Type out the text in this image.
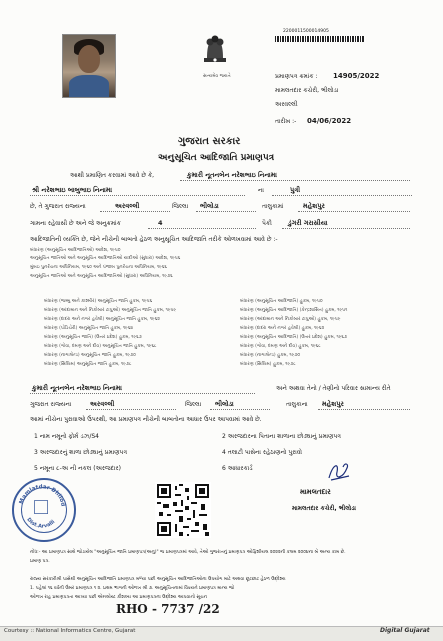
સત્યમેવ જયતે
2200011500014905
પ્રમાણપત્ર ક્રમાંક : 14905/2022
મામલતદાર કચેરી, ભીલોડા
અરવલ્લી
તારીખ :- 04/06/2022
ગુજરાત સરકાર
અનુસૂચિત આદિજાતિ પ્રમાણપત્ર
આથી પ્રમાણિત કરવામાં આવે છે કે,	કુમારી નૂતનબેન નરેશભાઇ નિનામા
શ્રી નરેશભાઇ બાબુભાઇ નિનામા	ના	પુત્રી
છે, તે ગુજરાત રાજ્યના	અરવલ્લી	જિલ્લા ભીલોડા	તાલુકામાં	મહેશપુર
ગામના રહેવાસી છે અને જે અનુક્રમાંક	4	પૈકી ડુંગરી ગરાસીયા
આદિજાતિની વ્યક્તિ છે, જેને નીચેની બાબતો હેઠળ અનુસૂચિત આદિજાતિ તરીકે ઓળખવામાં આવે છે :-
બંધારણ (અનુસૂચિત આદિજાતિઓ) આદેશ, ૧૯૫૦
અનુસૂચિત જાતિઓ અને અનુસૂચિત આદિજાતિઓ યાદીઓ (સુધારા) આદેશ, ૧૯૫૬
મુંબઇ પુનર્રચના અધિનિયમ, ૧૯૬૦ અને પંજાબ પુનર્રચના અધિનિયમ, ૧૯૬૬
અનુસૂચિત જાતિઓ અને અનુસૂચિત આદિજાતિઓ (સુધારા) અધિનિયમ, ૧૯૭૬
બંધારણ (જમ્મુ અને કાશ્મીર) અનુસૂચિત જાતિ હુકમ, ૧૯૫૬
બંધારણ (આંદામાન અને નિકોબાર ટાપુઓ) અનુસૂચિત જાતિ હુકમ, ૧૯૫૯
બંધારણ (દાદરા અને નગર હવેલી) અનુસૂચિત જાતિ હુકમ, ૧૯૬૨
બંધારણ (પોંડિચેરી) અનુસૂચિત જાતિ હુકમ, ૧૯૬૪
બંધારણ (અનુસૂચિત જાતિ) (ઉત્તર પ્રદેશ) હુકમ, ૧૯૬૭
બંધારણ (ગોવા, દમણ અને દીવ) અનુસૂચિત જાતિ હુકમ, ૧૯૬૮
બંધારણ (નાગાલેન્ડ) અનુસૂચિત જાતિ હુકમ, ૧૯૭૦
બંધારણ (સિક્કિમ) અનુસૂચિત જાતિ હુકમ, ૧૯૭૮
બંધારણ (અનુસૂચિત આદિજાતિ) હુકમ, ૧૯૫૦
બંધારણ (અનુસૂચિત આદિજાતિ) (કેન્દ્રશાસિત) હુકમ, ૧૯૫૧
બંધારણ (આંદામાન અને નિકોબાર ટાપુઓ) હુકમ, ૧૯૫૯
બંધારણ (દાદરા અને નગર હવેલી) હુકમ, ૧૯૬૨
બંધારણ (અનુસૂચિત આદિજાતિ) (ઉત્તર પ્રદેશ) હુકમ, ૧૯૬૭
બંધારણ (ગોવા, દમણ અને દીવ) હુકમ, ૧૯૬૮
બંધારણ (નાગાલેન્ડ) હુકમ, ૧૯૭૦
બંધારણ (સિક્કિમ) હુકમ, ૧૯૭૮
કુમારી નૂતનબેન નરેશભાઇ નિનામા	અને અથવા તેનો / તેણીનો પરિવાર સામાન્ય રીતે
ગુજરાત રાજ્યના	અરવલ્લી	જિલ્લા ભીલોડા	તાલુકાના મહેશપુર
આમાં નીચેના પુરાવાઓ ઉપરથી, આ પ્રમાણપત્ર નીચેની બાબતોના આધાર ઉપર આપવામાં આવે છે.
1 નામ નમૂનો ફોર્મ ડઝ/S4	2 અરજદારના પિતાના શાળાના છોડ્યાનું પ્રમાણપત્ર
3 અરજદારનું શાળા છોડ્યાનું પ્રમાણપત્ર	4 તલાટી પાસેના રહેઠાણનો પુરાવો
5 નમૂના ૮-અ ની નકલ (અરજદાર)	6 આધારકાર્ડ
Mamlatdar Bhilod
Dist.Arvalli
મામલતદાર
મામલતદાર કચેરી, ભીલોડા
નોંધ:- આ પ્રમાણપત્ર સાથે જોડાયેલ "અનુસૂચિત જાતિ પ્રમાણપત્ર(અનુ)" જ પ્રમાણપત્રમાં આવે, તેઓ ગુજરાતનું પ્રમાણપત્ર ઓફિશીયલ ૨૦૨૨ની કલમ ૨૦૦૪ના બે અન્ય કામ છે.
પ્રમાણ પત્ર.
રાજ્ય સરકારીશ્રી પાસેથી અનુસૂચિત આદિજાતિ પ્રમાણપત્ર મળ્યા પછી અનુસૂચિત આદિજાતિઓના ઉપયોગ માટે અથવા છૂટછાટ હેઠળ ઉદ્દેશ્ય
1. પહેલાં ૧૬ વર્ષની ઉંમર પ્રમાણપત્ર ૧ ૨. પ્રથમ ભાગની ઓળખ શ્રી ૩. અનુસૂચિતનામાં વિષયને પ્રમાણપત્ર માન્ય જો
ઓળખ રાહ પ્રમાણપત્રતા આપ્યા પછી એમ્પ્લોય્ટ કૌશલ્ય આ પ્રમાણપત્રના ઉદ્દેશ્ય આપવાનો સૂચન
RHO - 7737 /22
Courtesy :: National Informatics Centre, Gujarat	Digital Gujarat
